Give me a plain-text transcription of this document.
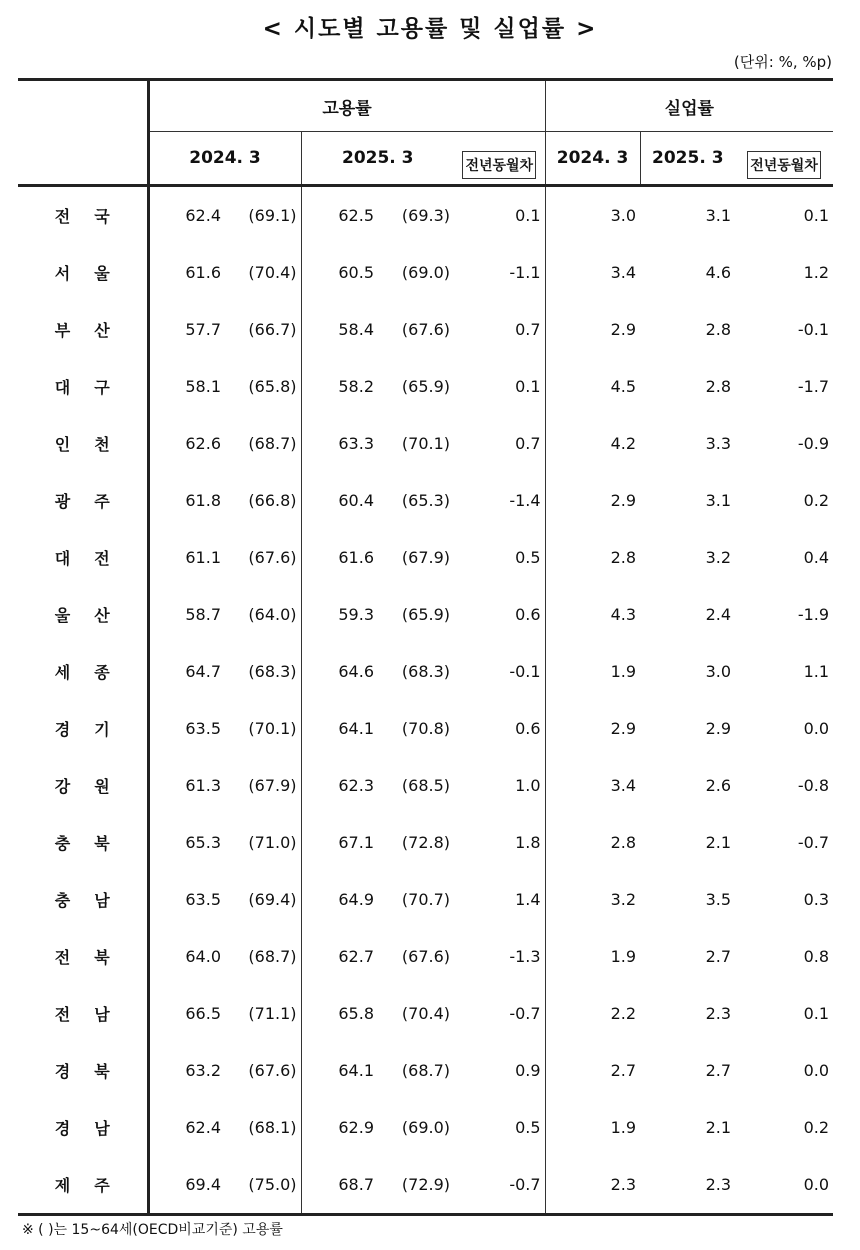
< 시도별 고용률 및 실업률 >
(단위: %, %p)
	고용률					실업률		
	2024. 3		2025. 3		전년동월차	2024. 3	2025. 3	전년동월차
전국	62.4	(69.1)	62.5	(69.3)	0.1	3.0	3.1	0.1
서울	61.6	(70.4)	60.5	(69.0)	-1.1	3.4	4.6	1.2
부산	57.7	(66.7)	58.4	(67.6)	0.7	2.9	2.8	-0.1
대구	58.1	(65.8)	58.2	(65.9)	0.1	4.5	2.8	-1.7
인천	62.6	(68.7)	63.3	(70.1)	0.7	4.2	3.3	-0.9
광주	61.8	(66.8)	60.4	(65.3)	-1.4	2.9	3.1	0.2
대전	61.1	(67.6)	61.6	(67.9)	0.5	2.8	3.2	0.4
울산	58.7	(64.0)	59.3	(65.9)	0.6	4.3	2.4	-1.9
세종	64.7	(68.3)	64.6	(68.3)	-0.1	1.9	3.0	1.1
경기	63.5	(70.1)	64.1	(70.8)	0.6	2.9	2.9	0.0
강원	61.3	(67.9)	62.3	(68.5)	1.0	3.4	2.6	-0.8
충북	65.3	(71.0)	67.1	(72.8)	1.8	2.8	2.1	-0.7
충남	63.5	(69.4)	64.9	(70.7)	1.4	3.2	3.5	0.3
전북	64.0	(68.7)	62.7	(67.6)	-1.3	1.9	2.7	0.8
전남	66.5	(71.1)	65.8	(70.4)	-0.7	2.2	2.3	0.1
경북	63.2	(67.6)	64.1	(68.7)	0.9	2.7	2.7	0.0
경남	62.4	(68.1)	62.9	(69.0)	0.5	1.9	2.1	0.2
제주	69.4	(75.0)	68.7	(72.9)	-0.7	2.3	2.3	0.0
※ ( )는 15~64세(OECD비교기준) 고용률
